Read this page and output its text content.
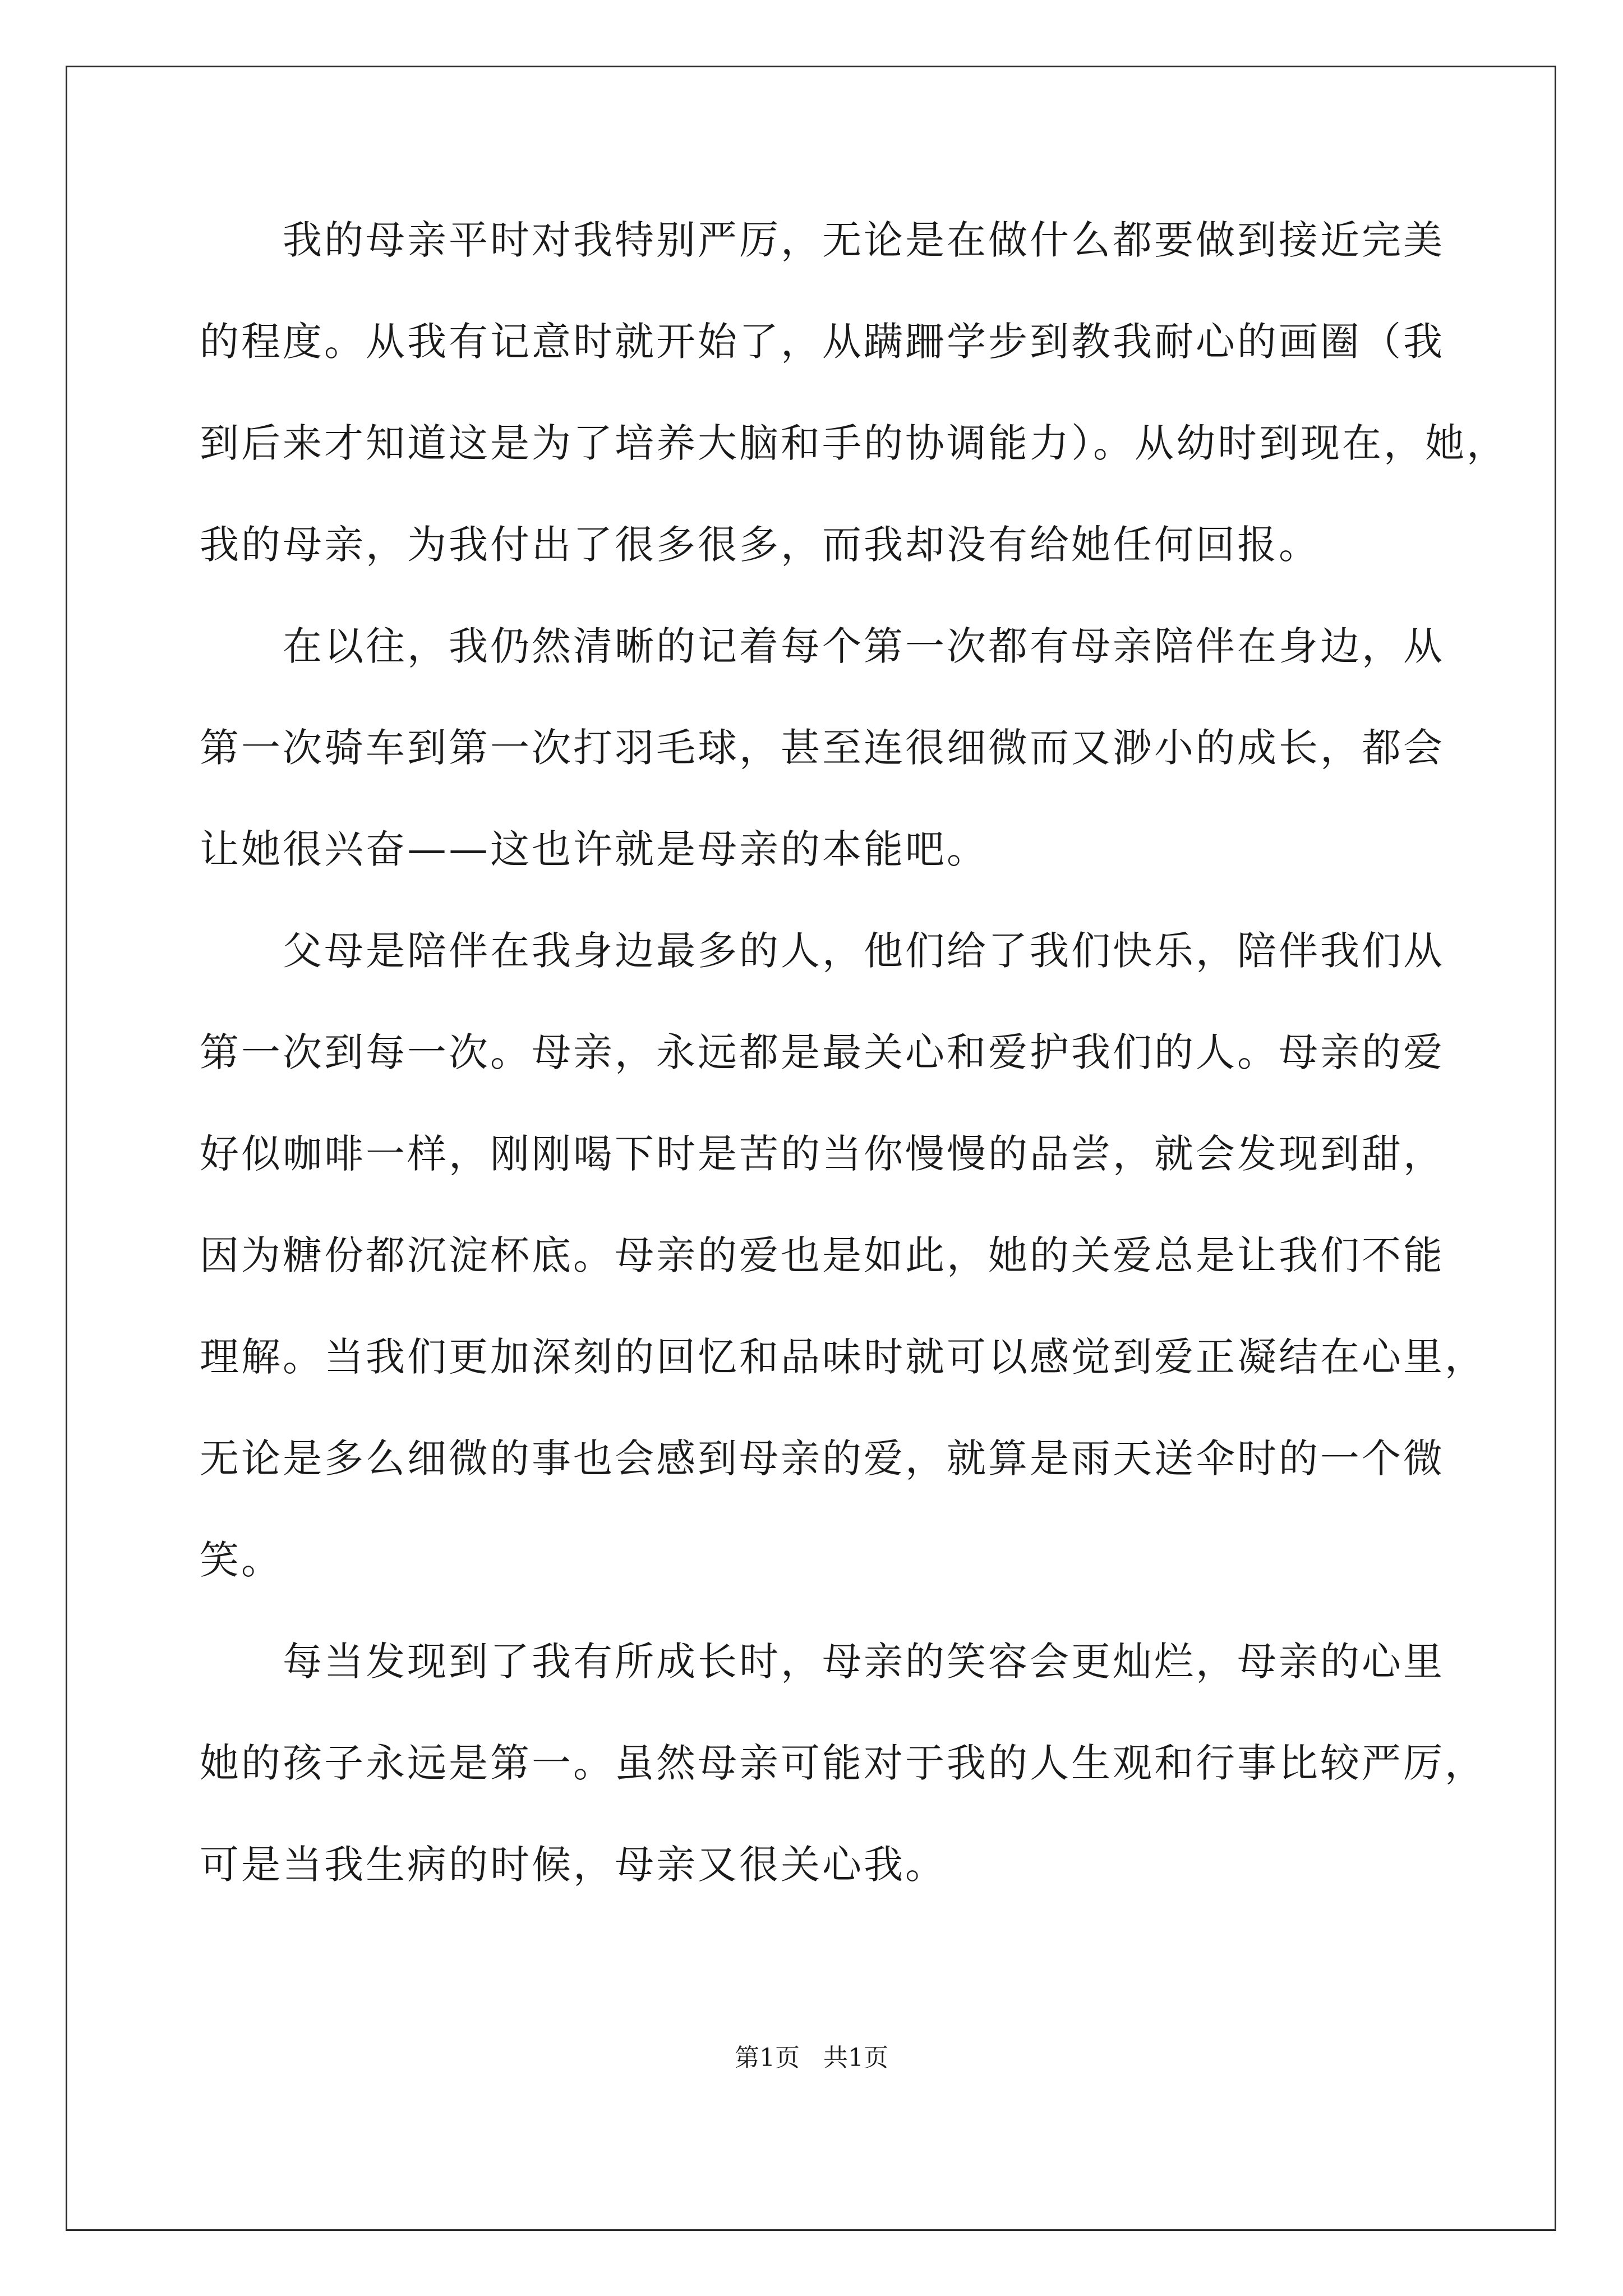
我的母亲平时对我特别严厉，无论是在做什么都要做到接近完美
的程度。从我有记意时就开始了，从蹒跚学步到教我耐心的画圈（我
到后来才知道这是为了培养大脑和手的协调能力）。从幼时到现在，她，
我的母亲，为我付出了很多很多，而我却没有给她任何回报。
在以往，我仍然清晰的记着每个第一次都有母亲陪伴在身边，从
第一次骑车到第一次打羽毛球，甚至连很细微而又渺小的成长，都会
让她很兴奋——这也许就是母亲的本能吧。
父母是陪伴在我身边最多的人，他们给了我们快乐，陪伴我们从
第一次到每一次。母亲，永远都是最关心和爱护我们的人。母亲的爱
好似咖啡一样，刚刚喝下时是苦的当你慢慢的品尝，就会发现到甜，
因为糖份都沉淀杯底。母亲的爱也是如此，她的关爱总是让我们不能
理解。当我们更加深刻的回忆和品味时就可以感觉到爱正凝结在心里，
无论是多么细微的事也会感到母亲的爱，就算是雨天送伞时的一个微
笑。
每当发现到了我有所成长时，母亲的笑容会更灿烂，母亲的心里
她的孩子永远是第一。虽然母亲可能对于我的人生观和行事比较严厉，
可是当我生病的时候，母亲又很关心我。
第1页 共1页
